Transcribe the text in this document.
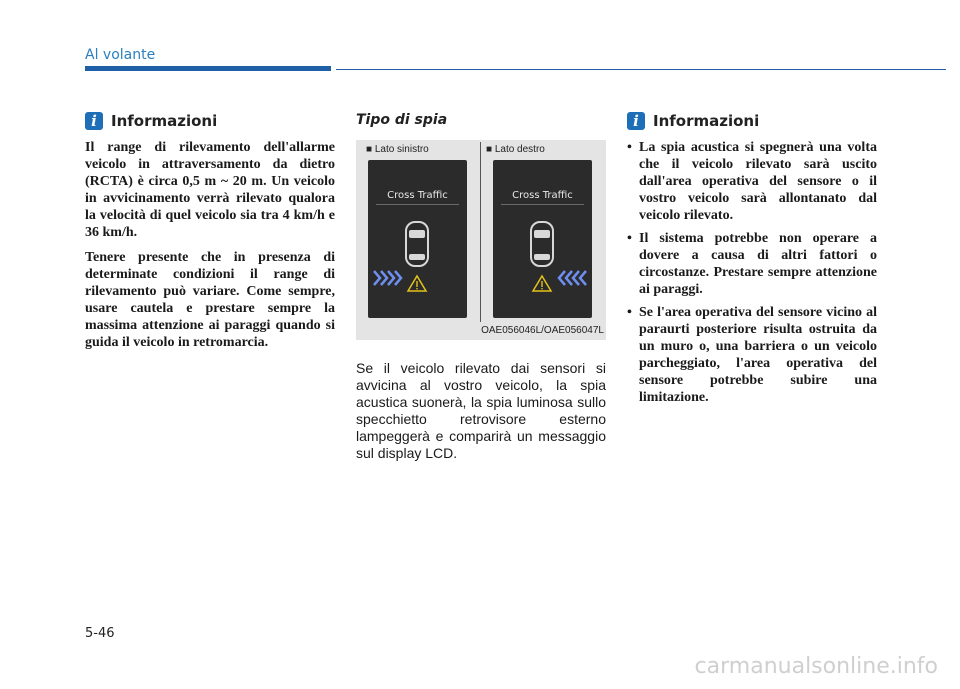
Al volante
i Informazioni

Il range di rilevamento dell'allarme veicolo in attraversamento da dietro (RCTA) è circa 0,5 m ~ 20 m. Un veicolo in avvicinamento verrà rilevato qualora la velocità di quel veicolo sia tra 4 km/h e 36 km/h.

Tenere presente che in presenza di determinate condizioni il range di rilevamento può variare. Come sempre, usare cautela e prestare sempre la massima attenzione ai paraggi quando si guida il veicolo in retromarcia.

Tipo di spia
■ Lato sinistro	■ Lato destro
Cross Traffic	Cross Traffic
OAE056046L/OAE056047L

Se il veicolo rilevato dai sensori si avvicina al vostro veicolo, la spia acustica suonerà, la spia luminosa sullo specchietto retrovisore esterno lampeggerà e comparirà un messaggio sul display LCD.

i Informazioni
• La spia acustica si spegnerà una volta che il veicolo rilevato sarà uscito dall'area operativa del sensore o il vostro veicolo sarà allontanato dal veicolo rilevato.
• Il sistema potrebbe non operare a dovere a causa di altri fattori o circostanze. Prestare sempre attenzione ai paraggi.
• Se l'area operativa del sensore vicino al paraurti posteriore risulta ostruita da un muro o, una barriera o un veicolo parcheggiato, l'area operativa del sensore potrebbe subire una limitazione.
5-46
carmanualsonline.info
